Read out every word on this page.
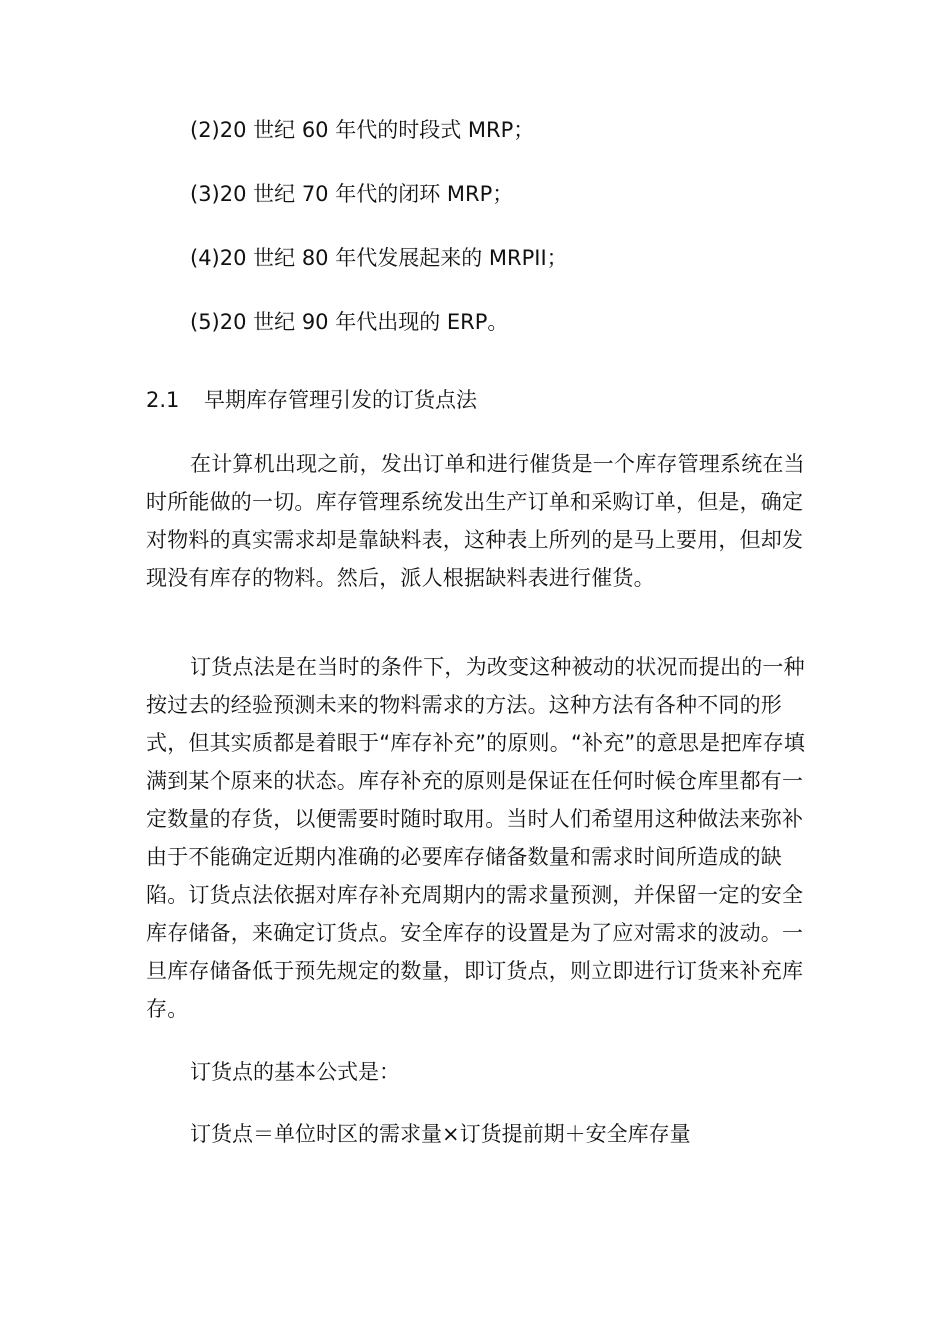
(2)20 世纪 60 年代的时段式 MRP；
(3)20 世纪 70 年代的闭环 MRP；
(4)20 世纪 80 年代发展起来的 MRPII；
(5)20 世纪 90 年代出现的 ERP。
2.1 早期库存管理引发的订货点法
在计算机出现之前，发出订单和进行催货是一个库存管理系统在当时所能做的一切。库存管理系统发出生产订单和采购订单，但是，确定对物料的真实需求却是靠缺料表，这种表上所列的是马上要用，但却发现没有库存的物料。然后，派人根据缺料表进行催货。
订货点法是在当时的条件下，为改变这种被动的状况而提出的一种按过去的经验预测未来的物料需求的方法。这种方法有各种不同的形式，但其实质都是着眼于“库存补充”的原则。“补充”的意思是把库存填满到某个原来的状态。库存补充的原则是保证在任何时候仓库里都有一定数量的存货，以便需要时随时取用。当时人们希望用这种做法来弥补由于不能确定近期内准确的必要库存储备数量和需求时间所造成的缺陷。订货点法依据对库存补充周期内的需求量预测，并保留一定的安全库存储备，来确定订货点。安全库存的设置是为了应对需求的波动。一旦库存储备低于预先规定的数量，即订货点，则立即进行订货来补充库存。
订货点的基本公式是：
订货点＝单位时区的需求量×订货提前期＋安全库存量
